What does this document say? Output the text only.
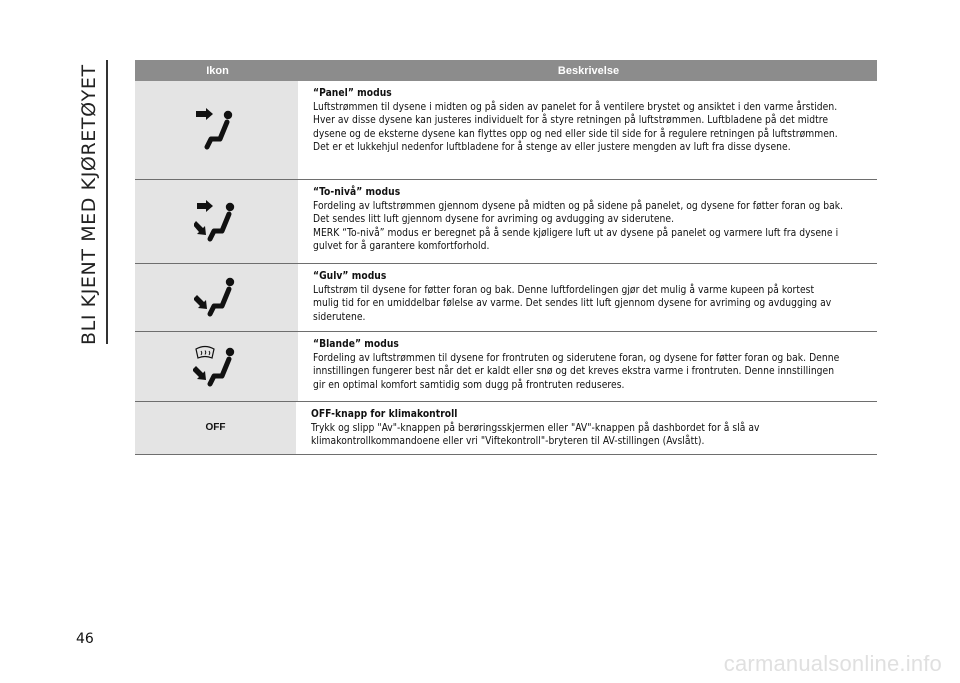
BLI KJENT MED KJØRETØYET	Ikon	Beskrivelse
“Panel” modus
Luftstrømmen til dysene i midten og på siden av panelet for å ventilere brystet og ansiktet i den varme årstiden.
Hver av disse dysene kan justeres individuelt for å styre retningen på luftstrømmen. Luftbladene på det midtre
dysene og de eksterne dysene kan flyttes opp og ned eller side til side for å regulere retningen på luftstrømmen.
Det er et lukkehjul nedenfor luftbladene for å stenge av eller justere mengden av luft fra disse dysene.
“To-nivå” modus
Fordeling av luftstrømmen gjennom dysene på midten og på sidene på panelet, og dysene for føtter foran og bak.
Det sendes litt luft gjennom dysene for avriming og avdugging av siderutene.
MERK “To-nivå” modus er beregnet på å sende kjøligere luft ut av dysene på panelet og varmere luft fra dysene i
gulvet for å garantere komfortforhold.
“Gulv” modus
Luftstrøm til dysene for føtter foran og bak. Denne luftfordelingen gjør det mulig å varme kupeen på kortest
mulig tid for en umiddelbar følelse av varme. Det sendes litt luft gjennom dysene for avriming og avdugging av
siderutene.
“Blande” modus
Fordeling av luftstrømmen til dysene for frontruten og siderutene foran, og dysene for føtter foran og bak. Denne
innstillingen fungerer best når det er kaldt eller snø og det kreves ekstra varme i frontruten. Denne innstillingen
gir en optimal komfort samtidig som dugg på frontruten reduseres.
OFF
OFF-knapp for klimakontroll
Trykk og slipp "Av"-knappen på berøringsskjermen eller "AV"-knappen på dashbordet for å slå av
klimakontrollkommandoene eller vri "Viftekontroll"-bryteren til AV-stillingen (Avslått).
46
carmanualsonline.info
